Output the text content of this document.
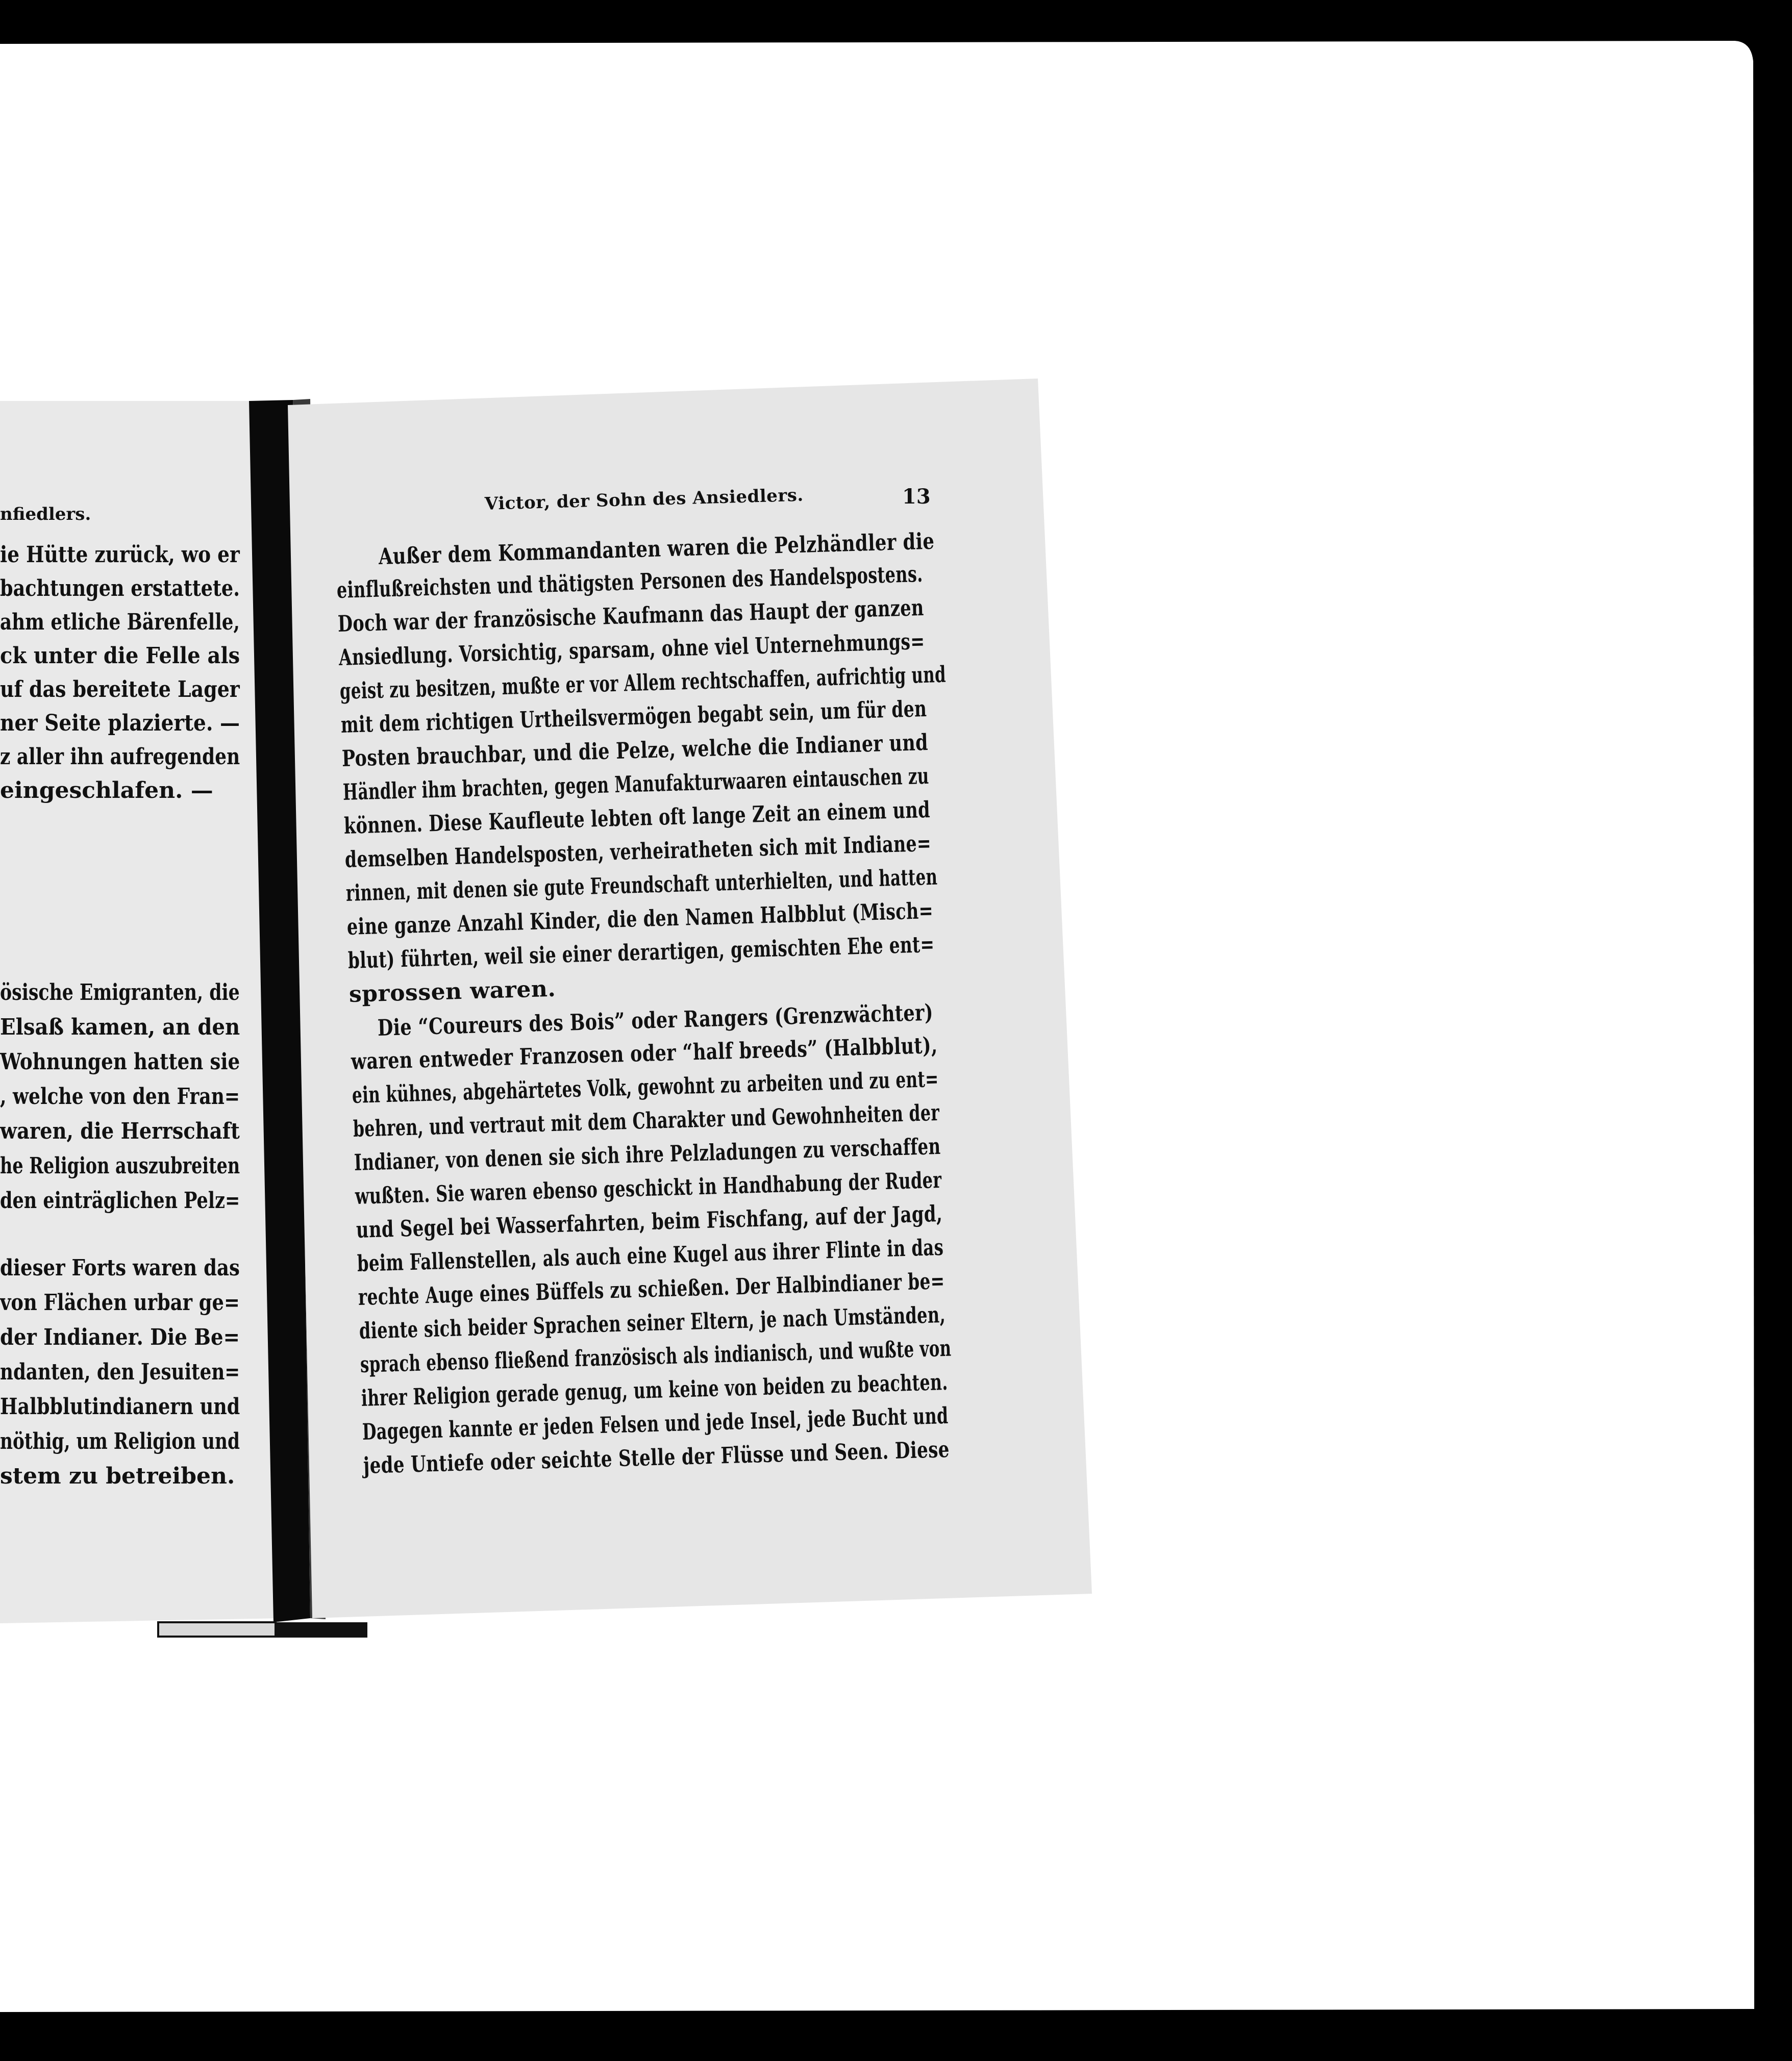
nfiedlers.
ie Hütte zurück, wo er
bachtungen erstattete.
ahm etliche Bärenfelle,
ck unter die Felle als
uf das bereitete Lager
ner Seite plazierte. —
z aller ihn aufregenden
eingeschlafen. —
ösische Emigranten, die
Elsaß kamen, an den
Wohnungen hatten sie
, welche von den Fran=
waren, die Herrschaft
he Religion auszubreiten
den einträglichen Pelz=
dieser Forts waren das
von Flächen urbar ge=
der Indianer. Die Be=
ndanten, den Jesuiten=
Halbblutindianern und
nöthig, um Religion und
stem zu betreiben.
Victor, der Sohn des Ansiedlers.	13
Außer dem Kommandanten waren die Pelzhändler die
einflußreichsten und thätigsten Personen des Handelspostens.
Doch war der französische Kaufmann das Haupt der ganzen
Ansiedlung. Vorsichtig, sparsam, ohne viel Unternehmungs=
geist zu besitzen, mußte er vor Allem rechtschaffen, aufrichtig und
mit dem richtigen Urtheilsvermögen begabt sein, um für den
Posten brauchbar, und die Pelze, welche die Indianer und
Händler ihm brachten, gegen Manufakturwaaren eintauschen zu
können. Diese Kaufleute lebten oft lange Zeit an einem und
demselben Handelsposten, verheiratheten sich mit Indiane=
rinnen, mit denen sie gute Freundschaft unterhielten, und hatten
eine ganze Anzahl Kinder, die den Namen Halbblut (Misch=
blut) führten, weil sie einer derartigen, gemischten Ehe ent=
sprossen waren.
Die “Coureurs des Bois” oder Rangers (Grenzwächter)
waren entweder Franzosen oder “half breeds” (Halbblut),
ein kühnes, abgehärtetes Volk, gewohnt zu arbeiten und zu ent=
behren, und vertraut mit dem Charakter und Gewohnheiten der
Indianer, von denen sie sich ihre Pelzladungen zu verschaffen
wußten. Sie waren ebenso geschickt in Handhabung der Ruder
und Segel bei Wasserfahrten, beim Fischfang, auf der Jagd,
beim Fallenstellen, als auch eine Kugel aus ihrer Flinte in das
rechte Auge eines Büffels zu schießen. Der Halbindianer be=
diente sich beider Sprachen seiner Eltern, je nach Umständen,
sprach ebenso fließend französisch als indianisch, und wußte von
ihrer Religion gerade genug, um keine von beiden zu beachten.
Dagegen kannte er jeden Felsen und jede Insel, jede Bucht und
jede Untiefe oder seichte Stelle der Flüsse und Seen. Diese
